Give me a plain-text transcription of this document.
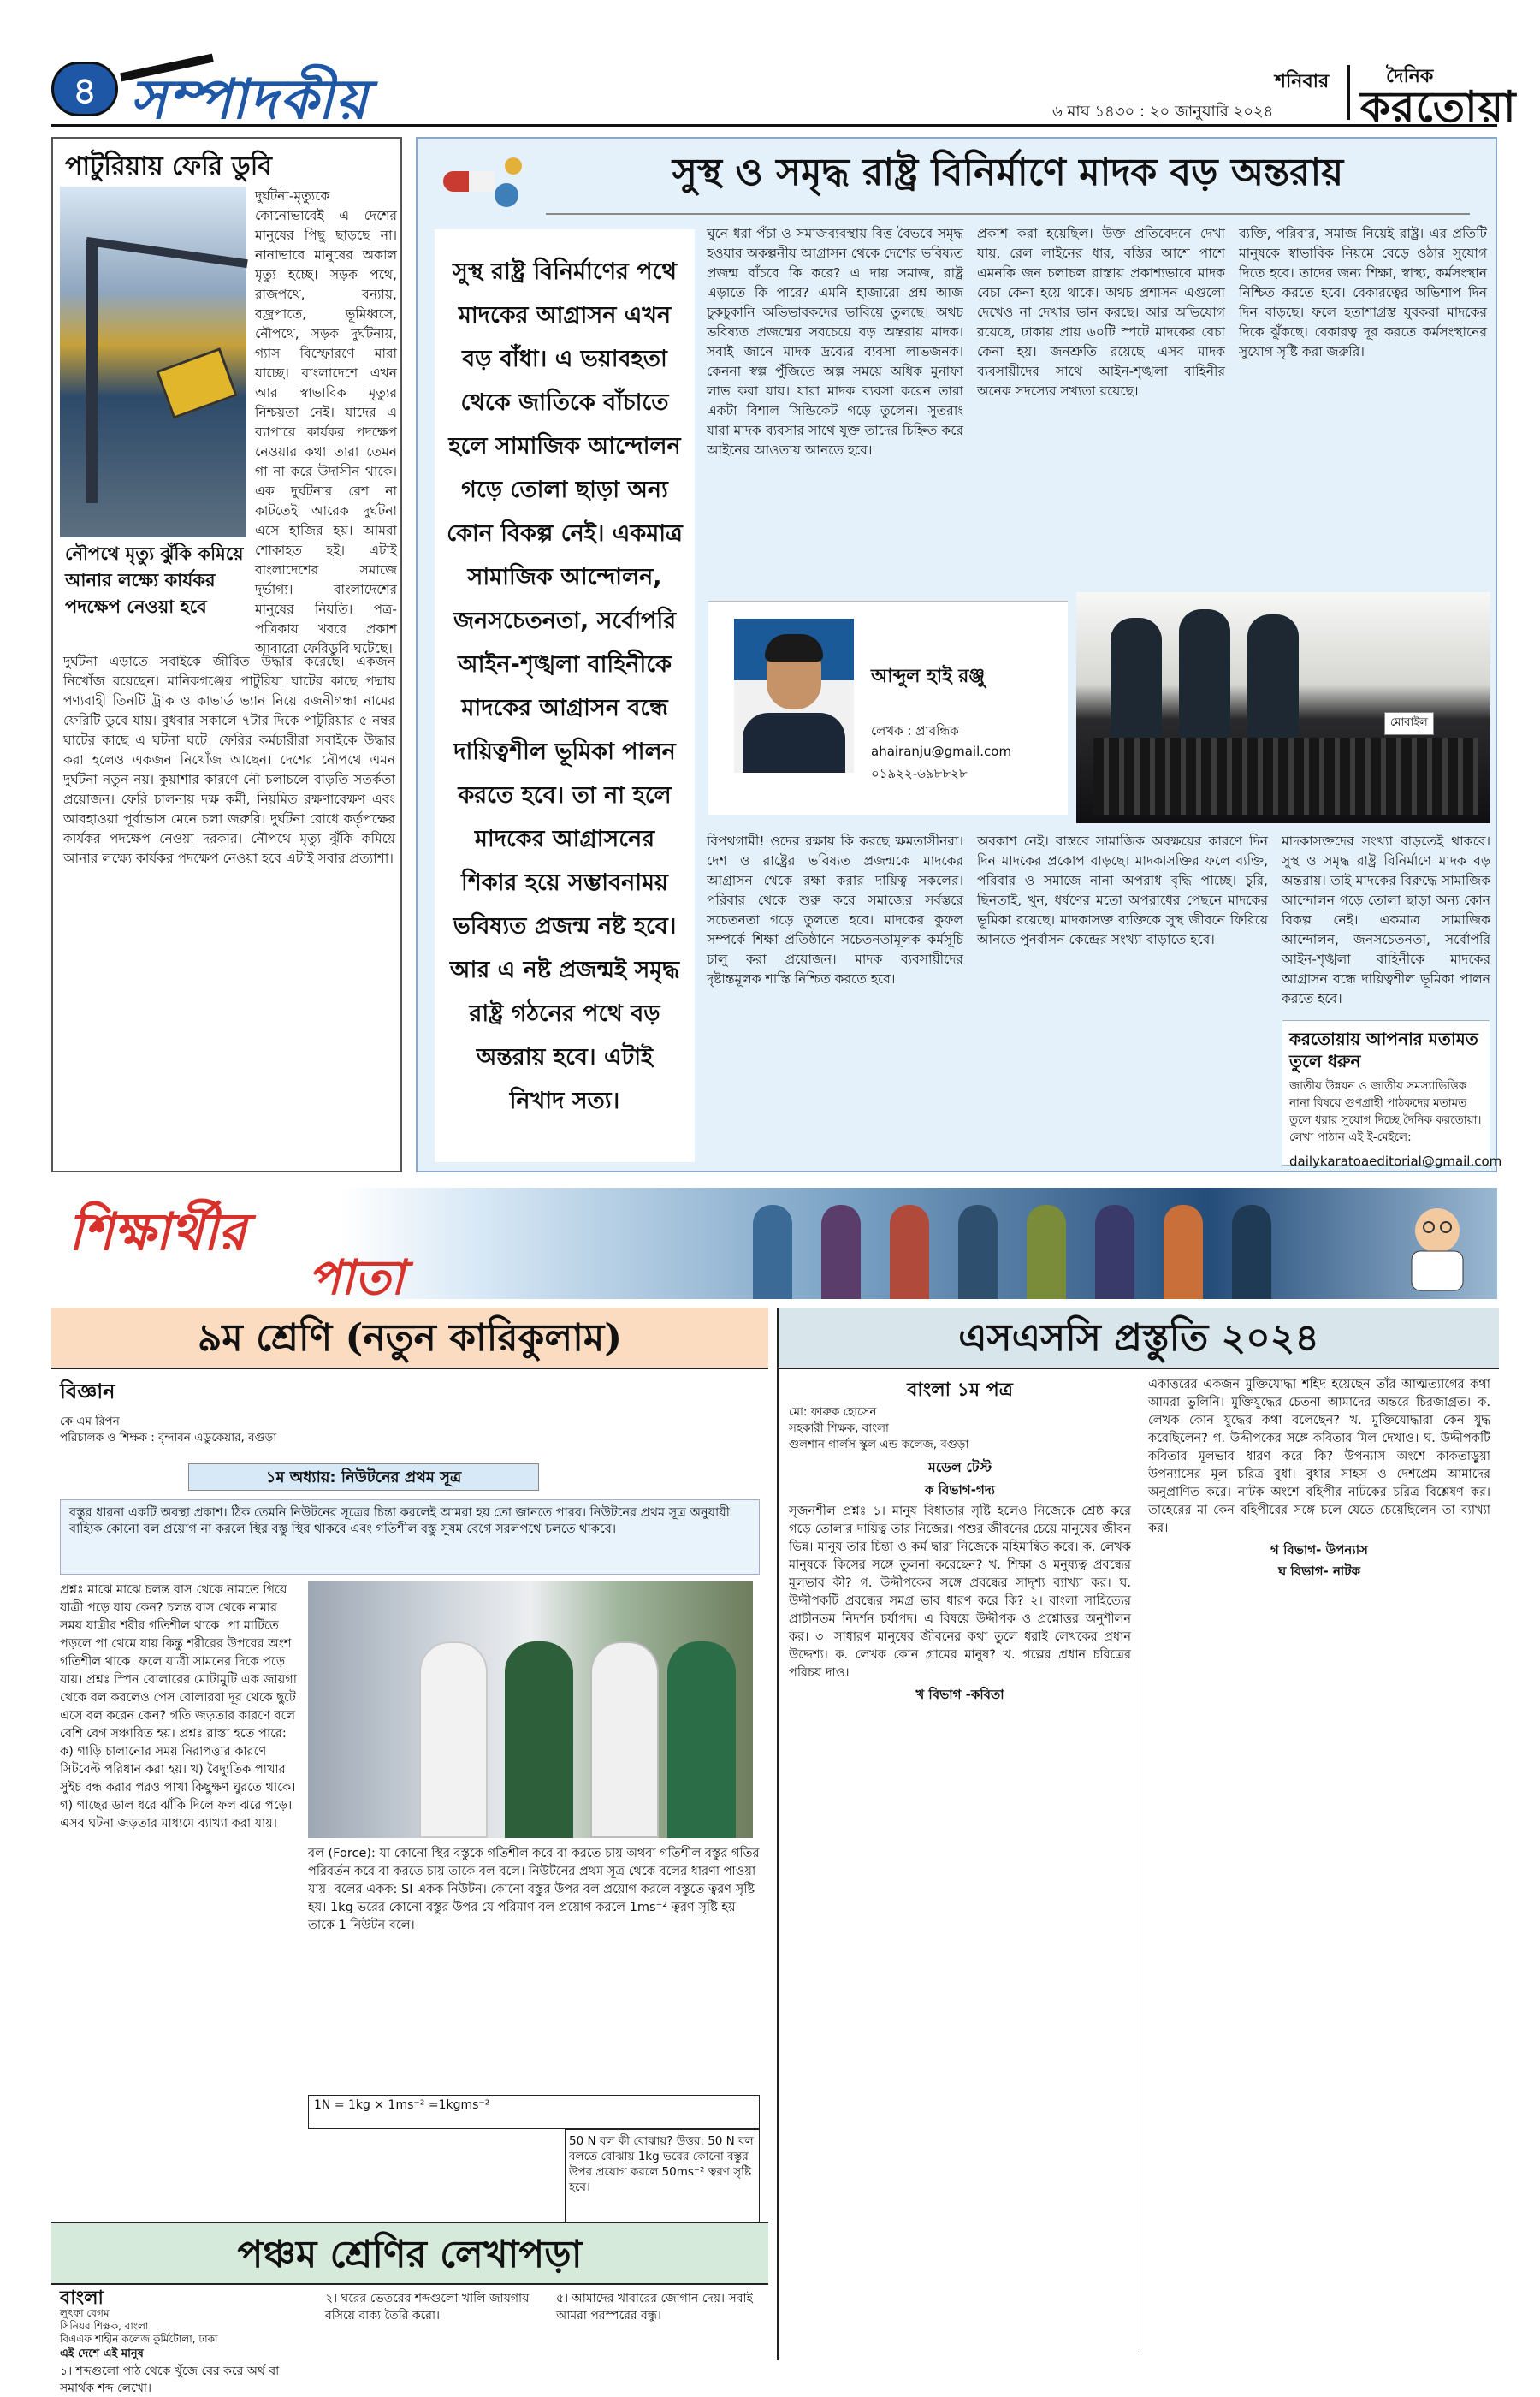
৪ সম্পাদকীয়	শনিবার
৬ মাঘ ১৪৩০ : ২০ জানুয়ারি ২০২৪
দৈনিক
করতোয়া
পাটুরিয়ায় ফেরি ডুবি
নৌপথে মৃত্যু ঝুঁকি কমিয়ে আনার লক্ষ্যে কার্যকর পদক্ষেপ নেওয়া হবে
দুর্ঘটনা-মৃত্যুকে কোনোভাবেই এ দেশের মানুষের পিছু ছাড়ছে না। নানাভাবে মানুষের অকাল মৃত্যু হচ্ছে। সড়ক পথে, রাজপথে, বন্যায়, বজ্রপাতে, ভূমিধ্বসে, নৌপথে, সড়ক দুর্ঘটনায়, গ্যাস বিস্ফোরণে মারা যাচ্ছে। বাংলাদেশে এখন আর স্বাভাবিক মৃত্যুর নিশ্চয়তা নেই। যাদের এ ব্যাপারে কার্যকর পদক্ষেপ নেওয়ার কথা তারা তেমন গা না করে উদাসীন থাকে। এক দুর্ঘটনার রেশ না কাটতেই আরেক দুর্ঘটনা এসে হাজির হয়। আমরা শোকাহত হই। এটাই বাংলাদেশের সমাজে দুর্ভাগ্য। বাংলাদেশের মানুষের নিয়তি। পত্র-পত্রিকায় খবরে প্রকাশ আবারো ফেরিডুবি ঘটেছে।
দুর্ঘটনা এড়াতে সবাইকে জীবিত উদ্ধার করেছে। একজন নিখোঁজ রয়েছেন। মানিকগঞ্জের পাটুরিয়া ঘাটের কাছে পদ্মায় পণ্যবাহী তিনটি ট্রাক ও কাভার্ড ভ্যান নিয়ে রজনীগন্ধা নামের ফেরিটি ডুবে যায়। বুধবার সকালে ৭টার দিকে পাটুরিয়ার ৫ নম্বর ঘাটের কাছে এ ঘটনা ঘটে। ফেরির কর্মচারীরা সবাইকে উদ্ধার করা হলেও একজন নিখোঁজ আছেন। দেশের নৌপথে এমন দুর্ঘটনা নতুন নয়। কুয়াশার কারণে নৌ চলাচলে বাড়তি সতর্কতা প্রয়োজন। ফেরি চালনায় দক্ষ কর্মী, নিয়মিত রক্ষণাবেক্ষণ এবং আবহাওয়া পূর্বাভাস মেনে চলা জরুরি। দুর্ঘটনা রোধে কর্তৃপক্ষের কার্যকর পদক্ষেপ নেওয়া দরকার। নৌপথে মৃত্যু ঝুঁকি কমিয়ে আনার লক্ষ্যে কার্যকর পদক্ষেপ নেওয়া হবে এটাই সবার প্রত্যাশা।
সুস্থ ও সমৃদ্ধ রাষ্ট্র বিনির্মাণে মাদক বড় অন্তরায়
সুস্থ রাষ্ট্র বিনির্মাণের পথে মাদকের আগ্রাসন এখন বড় বাঁধা। এ ভয়াবহতা থেকে জাতিকে বাঁচাতে হলে সামাজিক আন্দোলন গড়ে তোলা ছাড়া অন্য কোন বিকল্প নেই। একমাত্র সামাজিক আন্দোলন, জনসচেতনতা, সর্বোপরি আইন-শৃঙ্খলা বাহিনীকে মাদকের আগ্রাসন বন্ধে দায়িত্বশীল ভূমিকা পালন করতে হবে। তা না হলে মাদকের আগ্রাসনের শিকার হয়ে সম্ভাবনাময় ভবিষ্যত প্রজন্ম নষ্ট হবে। আর এ নষ্ট প্রজন্মই সমৃদ্ধ রাষ্ট্র গঠনের পথে বড় অন্তরায় হবে। এটাই নিখাদ সত্য।
ঘুনে ধরা পঁচা ও সমাজব্যবস্থায় বিত্ত বৈভবে সমৃদ্ধ হওয়ার অকল্পনীয় আগ্রাসন থেকে দেশের ভবিষ্যত প্রজন্ম বাঁচবে কি করে? এ দায় সমাজ, রাষ্ট্র এড়াতে কি পারে? এমনি হাজারো প্রশ্ন আজ চুকচুকানি অভিভাবকদের ভাবিয়ে তুলছে। অথচ ভবিষ্যত প্রজন্মের সবচেয়ে বড় অন্তরায় মাদক। সবাই জানে মাদক দ্রব্যের ব্যবসা লাভজনক। কেননা স্বল্প পুঁজিতে অল্প সময়ে অধিক মুনাফা লাভ করা যায়। যারা মাদক ব্যবসা করেন তারা একটা বিশাল সিন্ডিকেট গড়ে তুলেন। সুতরাং যারা মাদক ব্যবসার সাথে যুক্ত তাদের চিহ্নিত করে আইনের আওতায় আনতে হবে।
প্রকাশ করা হয়েছিল। উক্ত প্রতিবেদনে দেখা যায়, রেল লাইনের ধার, বস্তির আশে পাশে এমনকি জন চলাচল রাস্তায় প্রকাশ্যভাবে মাদক বেচা কেনা হয়ে থাকে। অথচ প্রশাসন এগুলো দেখেও না দেখার ভান করছে। আর অভিযোগ রয়েছে, ঢাকায় প্রায় ৬০টি স্পটে মাদকের বেচা কেনা হয়। জনশ্রুতি রয়েছে এসব মাদক ব্যবসায়ীদের সাথে আইন-শৃঙ্খলা বাহিনীর অনেক সদস্যের সখ্যতা রয়েছে।
ব্যক্তি, পরিবার, সমাজ নিয়েই রাষ্ট্র। এর প্রতিটি মানুষকে স্বাভাবিক নিয়মে বেড়ে ওঠার সুযোগ দিতে হবে। তাদের জন্য শিক্ষা, স্বাস্থ্য, কর্মসংস্থান নিশ্চিত করতে হবে। বেকারত্বের অভিশাপ দিন দিন বাড়ছে। ফলে হতাশাগ্রস্ত যুবকরা মাদকের দিকে ঝুঁকছে। বেকারত্ব দূর করতে কর্মসংস্থানের সুযোগ সৃষ্টি করা জরুরি।
আব্দুল হাই রঞ্জু
লেখক : প্রাবন্ধিক
ahairanju@gmail.com
০১৯২২-৬৯৮৮২৮
মোবাইল
বিপথগামী! ওদের রক্ষায় কি করছে ক্ষমতাসীনরা। দেশ ও রাষ্ট্রের ভবিষ্যত প্রজন্মকে মাদকের আগ্রাসন থেকে রক্ষা করার দায়িত্ব সকলের। পরিবার থেকে শুরু করে সমাজের সর্বস্তরে সচেতনতা গড়ে তুলতে হবে। মাদকের কুফল সম্পর্কে শিক্ষা প্রতিষ্ঠানে সচেতনতামূলক কর্মসূচি চালু করা প্রয়োজন। মাদক ব্যবসায়ীদের দৃষ্টান্তমূলক শাস্তি নিশ্চিত করতে হবে।
অবকাশ নেই। বাস্তবে সামাজিক অবক্ষয়ের কারণে দিন দিন মাদকের প্রকোপ বাড়ছে। মাদকাসক্তির ফলে ব্যক্তি, পরিবার ও সমাজে নানা অপরাধ বৃদ্ধি পাচ্ছে। চুরি, ছিনতাই, খুন, ধর্ষণের মতো অপরাধের পেছনে মাদকের ভূমিকা রয়েছে। মাদকাসক্ত ব্যক্তিকে সুস্থ জীবনে ফিরিয়ে আনতে পুনর্বাসন কেন্দ্রের সংখ্যা বাড়াতে হবে।
মাদকাসক্তদের সংখ্যা বাড়তেই থাকবে। সুস্থ ও সমৃদ্ধ রাষ্ট্র বিনির্মাণে মাদক বড় অন্তরায়। তাই মাদকের বিরুদ্ধে সামাজিক আন্দোলন গড়ে তোলা ছাড়া অন্য কোন বিকল্প নেই। একমাত্র সামাজিক আন্দোলন, জনসচেতনতা, সর্বোপরি আইন-শৃঙ্খলা বাহিনীকে মাদকের আগ্রাসন বন্ধে দায়িত্বশীল ভূমিকা পালন করতে হবে।
করতোয়ায় আপনার মতামত তুলে ধরুন

জাতীয় উন্নয়ন ও জাতীয় সমস্যাভিত্তিক নানা বিষয়ে গুণগ্রাহী পাঠকদের মতামত তুলে ধরার সুযোগ দিচ্ছে দৈনিক করতোয়া। লেখা পাঠান এই ই-মেইলে:

dailykaratoaeditorial@gmail.com

শিক্ষার্থীর
পাতা
৯ম শ্রেণি (নতুন কারিকুলাম)
বিজ্ঞান
কে এম রিপন
পরিচালক ও শিক্ষক : বৃন্দাবন এডুকেয়ার, বগুড়া
১ম অধ্যায়: নিউটনের প্রথম সূত্র
বস্তুর ধারনা একটি অবস্থা প্রকাশ। ঠিক তেমনি নিউটনের সূত্রের চিন্তা করলেই আমরা হয় তো জানতে পারব। নিউটনের প্রথম সূত্র অনুযায়ী বাহ্যিক কোনো বল প্রয়োগ না করলে স্থির বস্তু স্থির থাকবে এবং গতিশীল বস্তু সুষম বেগে সরলপথে চলতে থাকবে।
প্রশ্নঃ মাঝে মাঝে চলন্ত বাস থেকে নামতে গিয়ে যাত্রী পড়ে যায় কেন? চলন্ত বাস থেকে নামার সময় যাত্রীর শরীর গতিশীল থাকে। পা মাটিতে পড়লে পা থেমে যায় কিন্তু শরীরের উপরের অংশ গতিশীল থাকে। ফলে যাত্রী সামনের দিকে পড়ে যায়। প্রশ্নঃ স্পিন বোলারের মোটামুটি এক জায়গা থেকে বল করলেও পেস বোলাররা দূর থেকে ছুটে এসে বল করেন কেন? গতি জড়তার কারণে বলে বেশি বেগ সঞ্চারিত হয়। প্রশ্নঃ রাস্তা হতে পারে: ক) গাড়ি চালানোর সময় নিরাপত্তার কারণে সিটবেল্ট পরিধান করা হয়। খ) বৈদ্যুতিক পাখার সুইচ বন্ধ করার পরও পাখা কিছুক্ষণ ঘুরতে থাকে। গ) গাছের ডাল ধরে ঝাঁকি দিলে ফল ঝরে পড়ে। এসব ঘটনা জড়তার মাধ্যমে ব্যাখ্যা করা যায়।
বল (Force): যা কোনো স্থির বস্তুকে গতিশীল করে বা করতে চায় অথবা গতিশীল বস্তুর গতির পরিবর্তন করে বা করতে চায় তাকে বল বলে। নিউটনের প্রথম সূত্র থেকে বলের ধারণা পাওয়া যায়। বলের একক: SI একক নিউটন। কোনো বস্তুর উপর বল প্রয়োগ করলে বস্তুতে ত্বরণ সৃষ্টি হয়। 1kg ভরের কোনো বস্তুর উপর যে পরিমাণ বল প্রয়োগ করলে 1ms⁻² ত্বরণ সৃষ্টি হয় তাকে 1 নিউটন বলে।
1N = 1kg × 1ms⁻² =1kgms⁻²
50 N বল কী বোঝায়? উত্তর: 50 N বল বলতে বোঝায় 1kg ভরের কোনো বস্তুর উপর প্রয়োগ করলে 50ms⁻² ত্বরণ সৃষ্টি হবে।
এসএসসি প্রস্তুতি ২০২৪
বাংলা ১ম পত্র
মো: ফারুক হোসেন
সহকারী শিক্ষক, বাংলা
গুলশান গার্লস স্কুল এন্ড কলেজ, বগুড়া
মডেল টেস্ট
ক বিভাগ-গদ্য
সৃজনশীল প্রশ্নঃ ১। মানুষ বিধাতার সৃষ্টি হলেও নিজেকে শ্রেষ্ঠ করে গড়ে তোলার দায়িত্ব তার নিজের। পশুর জীবনের চেয়ে মানুষের জীবন ভিন্ন। মানুষ তার চিন্তা ও কর্ম দ্বারা নিজেকে মহিমান্বিত করে। ক. লেখক মানুষকে কিসের সঙ্গে তুলনা করেছেন? খ. শিক্ষা ও মনুষ্যত্ব প্রবন্ধের মূলভাব কী? গ. উদ্দীপকের সঙ্গে প্রবন্ধের সাদৃশ্য ব্যাখ্যা কর। ঘ. উদ্দীপকটি প্রবন্ধের সমগ্র ভাব ধারণ করে কি? ২। বাংলা সাহিত্যের প্রাচীনতম নিদর্শন চর্যাপদ। এ বিষয়ে উদ্দীপক ও প্রশ্নোত্তর অনুশীলন কর। ৩। সাধারণ মানুষের জীবনের কথা তুলে ধরাই লেখকের প্রধান উদ্দেশ্য। ক. লেখক কোন গ্রামের মানুষ? খ. গল্পের প্রধান চরিত্রের পরিচয় দাও।
খ বিভাগ -কবিতা
একাত্তরের একজন মুক্তিযোদ্ধা শহিদ হয়েছেন তাঁর আত্মত্যাগের কথা আমরা ভুলিনি। মুক্তিযুদ্ধের চেতনা আমাদের অন্তরে চিরজাগ্রত। ক. লেখক কোন যুদ্ধের কথা বলেছেন? খ. মুক্তিযোদ্ধারা কেন যুদ্ধ করেছিলেন? গ. উদ্দীপকের সঙ্গে কবিতার মিল দেখাও। ঘ. উদ্দীপকটি কবিতার মূলভাব ধারণ করে কি? উপন্যাস অংশে কাকতাড়ুয়া উপন্যাসের মূল চরিত্র বুধা। বুধার সাহস ও দেশপ্রেম আমাদের অনুপ্রাণিত করে। নাটক অংশে বহিপীর নাটকের চরিত্র বিশ্লেষণ কর। তাহেরের মা কেন বহিপীরের সঙ্গে চলে যেতে চেয়েছিলেন তা ব্যাখ্যা কর।
গ বিভাগ- উপন্যাস
ঘ বিভাগ- নাটক
পঞ্চম শ্রেণির লেখাপড়া
বাংলা
লুৎফা বেগম
সিনিয়র শিক্ষক, বাংলা
বিএএফ শাহীন কলেজ কুর্মিটোলা, ঢাকা
এই দেশে এই মানুষ
১। শব্দগুলো পাঠ থেকে খুঁজে বের করে অর্থ বা সমার্থক শব্দ লেখো।
২। ঘরের ভেতরের শব্দগুলো খালি জায়গায় বসিয়ে বাক্য তৈরি করো।
৫। আমাদের খাবারের জোগান দেয়। সবাই আমরা পরস্পরের বন্ধু।
